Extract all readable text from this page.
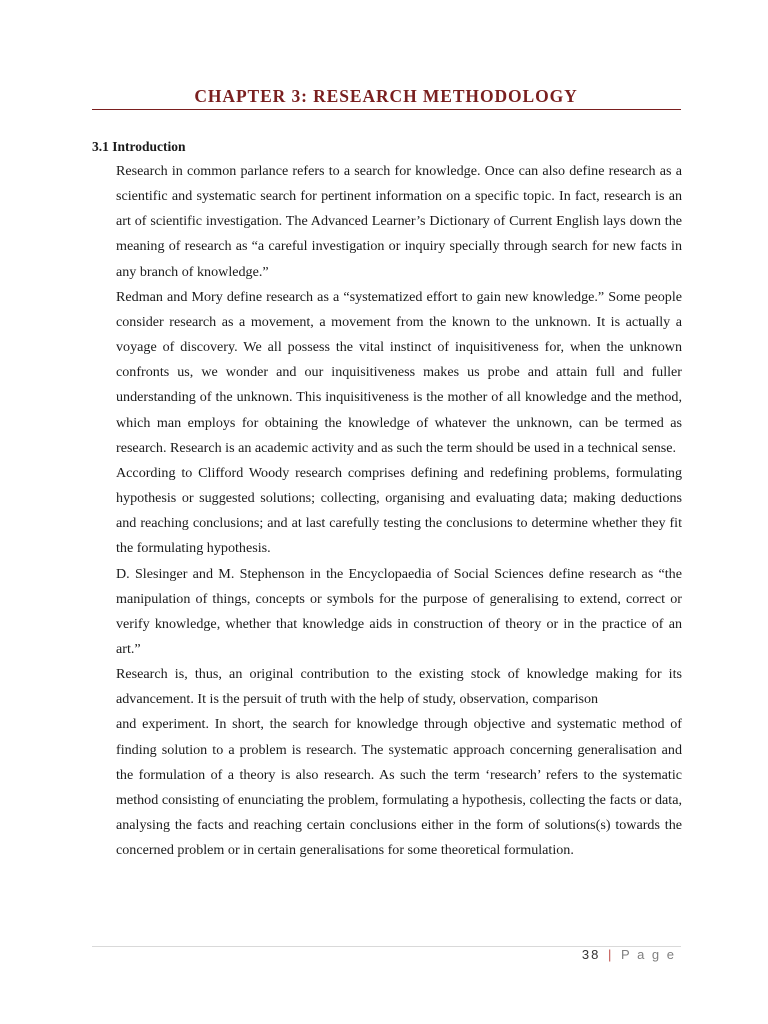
CHAPTER 3: RESEARCH METHODOLOGY
3.1 Introduction

Research in common parlance refers to a search for knowledge. Once can also define research as a scientific and systematic search for pertinent information on a specific topic. In fact, research is an art of scientific investigation. The Advanced Learner’s Dictionary of Current English lays down the meaning of research as “a careful investigation or inquiry specially through search for new facts in any branch of knowledge.”

Redman and Mory define research as a “systematized effort to gain new knowledge.” Some people consider research as a movement, a movement from the known to the unknown. It is actually a voyage of discovery. We all possess the vital instinct of inquisitiveness for, when the unknown confronts us, we wonder and our inquisitiveness makes us probe and attain full and fuller understanding of the unknown. This inquisitiveness is the mother of all knowledge and the method, which man employs for obtaining the knowledge of whatever the unknown, can be termed as research. Research is an academic activity and as such the term should be used in a technical sense.

According to Clifford Woody research comprises defining and redefining problems, formulating hypothesis or suggested solutions; collecting, organising and evaluating data; making deductions and reaching conclusions; and at last carefully testing the conclusions to determine whether they fit the formulating hypothesis.

D. Slesinger and M. Stephenson in the Encyclopaedia of Social Sciences define research as “the manipulation of things, concepts or symbols for the purpose of generalising to extend, correct or verify knowledge, whether that knowledge aids in construction of theory or in the practice of an art.”

Research is, thus, an original contribution to the existing stock of knowledge making for its advancement. It is the persuit of truth with the help of study, observation, comparison

and experiment. In short, the search for knowledge through objective and systematic method of finding solution to a problem is research. The systematic approach concerning generalisation and the formulation of a theory is also research. As such the term ‘research’ refers to the systematic method consisting of enunciating the problem, formulating a hypothesis, collecting the facts or data, analysing the facts and reaching certain conclusions either in the form of solutions(s) towards the concerned problem or in certain generalisations for some theoretical formulation.

38 | P a g e
